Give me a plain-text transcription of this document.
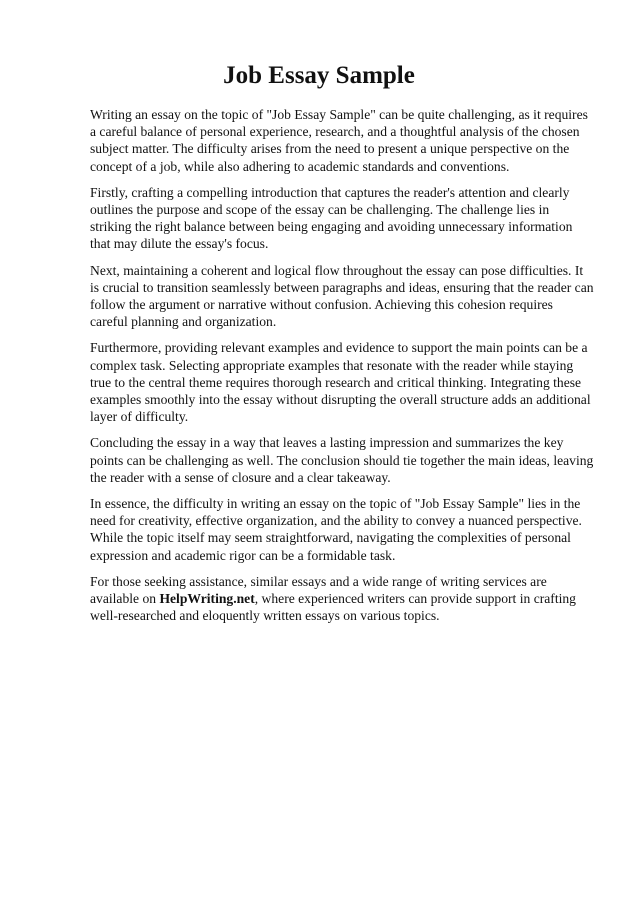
Job Essay Sample

Writing an essay on the topic of "Job Essay Sample" can be quite challenging, as it requires a careful balance of personal experience, research, and a thoughtful analysis of the chosen subject matter. The difficulty arises from the need to present a unique perspective on the concept of a job, while also adhering to academic standards and conventions.

Firstly, crafting a compelling introduction that captures the reader's attention and clearly outlines the purpose and scope of the essay can be challenging. The challenge lies in striking the right balance between being engaging and avoiding unnecessary information that may dilute the essay's focus.

Next, maintaining a coherent and logical flow throughout the essay can pose difficulties. It is crucial to transition seamlessly between paragraphs and ideas, ensuring that the reader can follow the argument or narrative without confusion. Achieving this cohesion requires careful planning and organization.

Furthermore, providing relevant examples and evidence to support the main points can be a complex task. Selecting appropriate examples that resonate with the reader while staying true to the central theme requires thorough research and critical thinking. Integrating these examples smoothly into the essay without disrupting the overall structure adds an additional layer of difficulty.

Concluding the essay in a way that leaves a lasting impression and summarizes the key points can be challenging as well. The conclusion should tie together the main ideas, leaving the reader with a sense of closure and a clear takeaway.

In essence, the difficulty in writing an essay on the topic of "Job Essay Sample" lies in the need for creativity, effective organization, and the ability to convey a nuanced perspective. While the topic itself may seem straightforward, navigating the complexities of personal expression and academic rigor can be a formidable task.

For those seeking assistance, similar essays and a wide range of writing services are available on HelpWriting.net, where experienced writers can provide support in crafting well-researched and eloquently written essays on various topics.
